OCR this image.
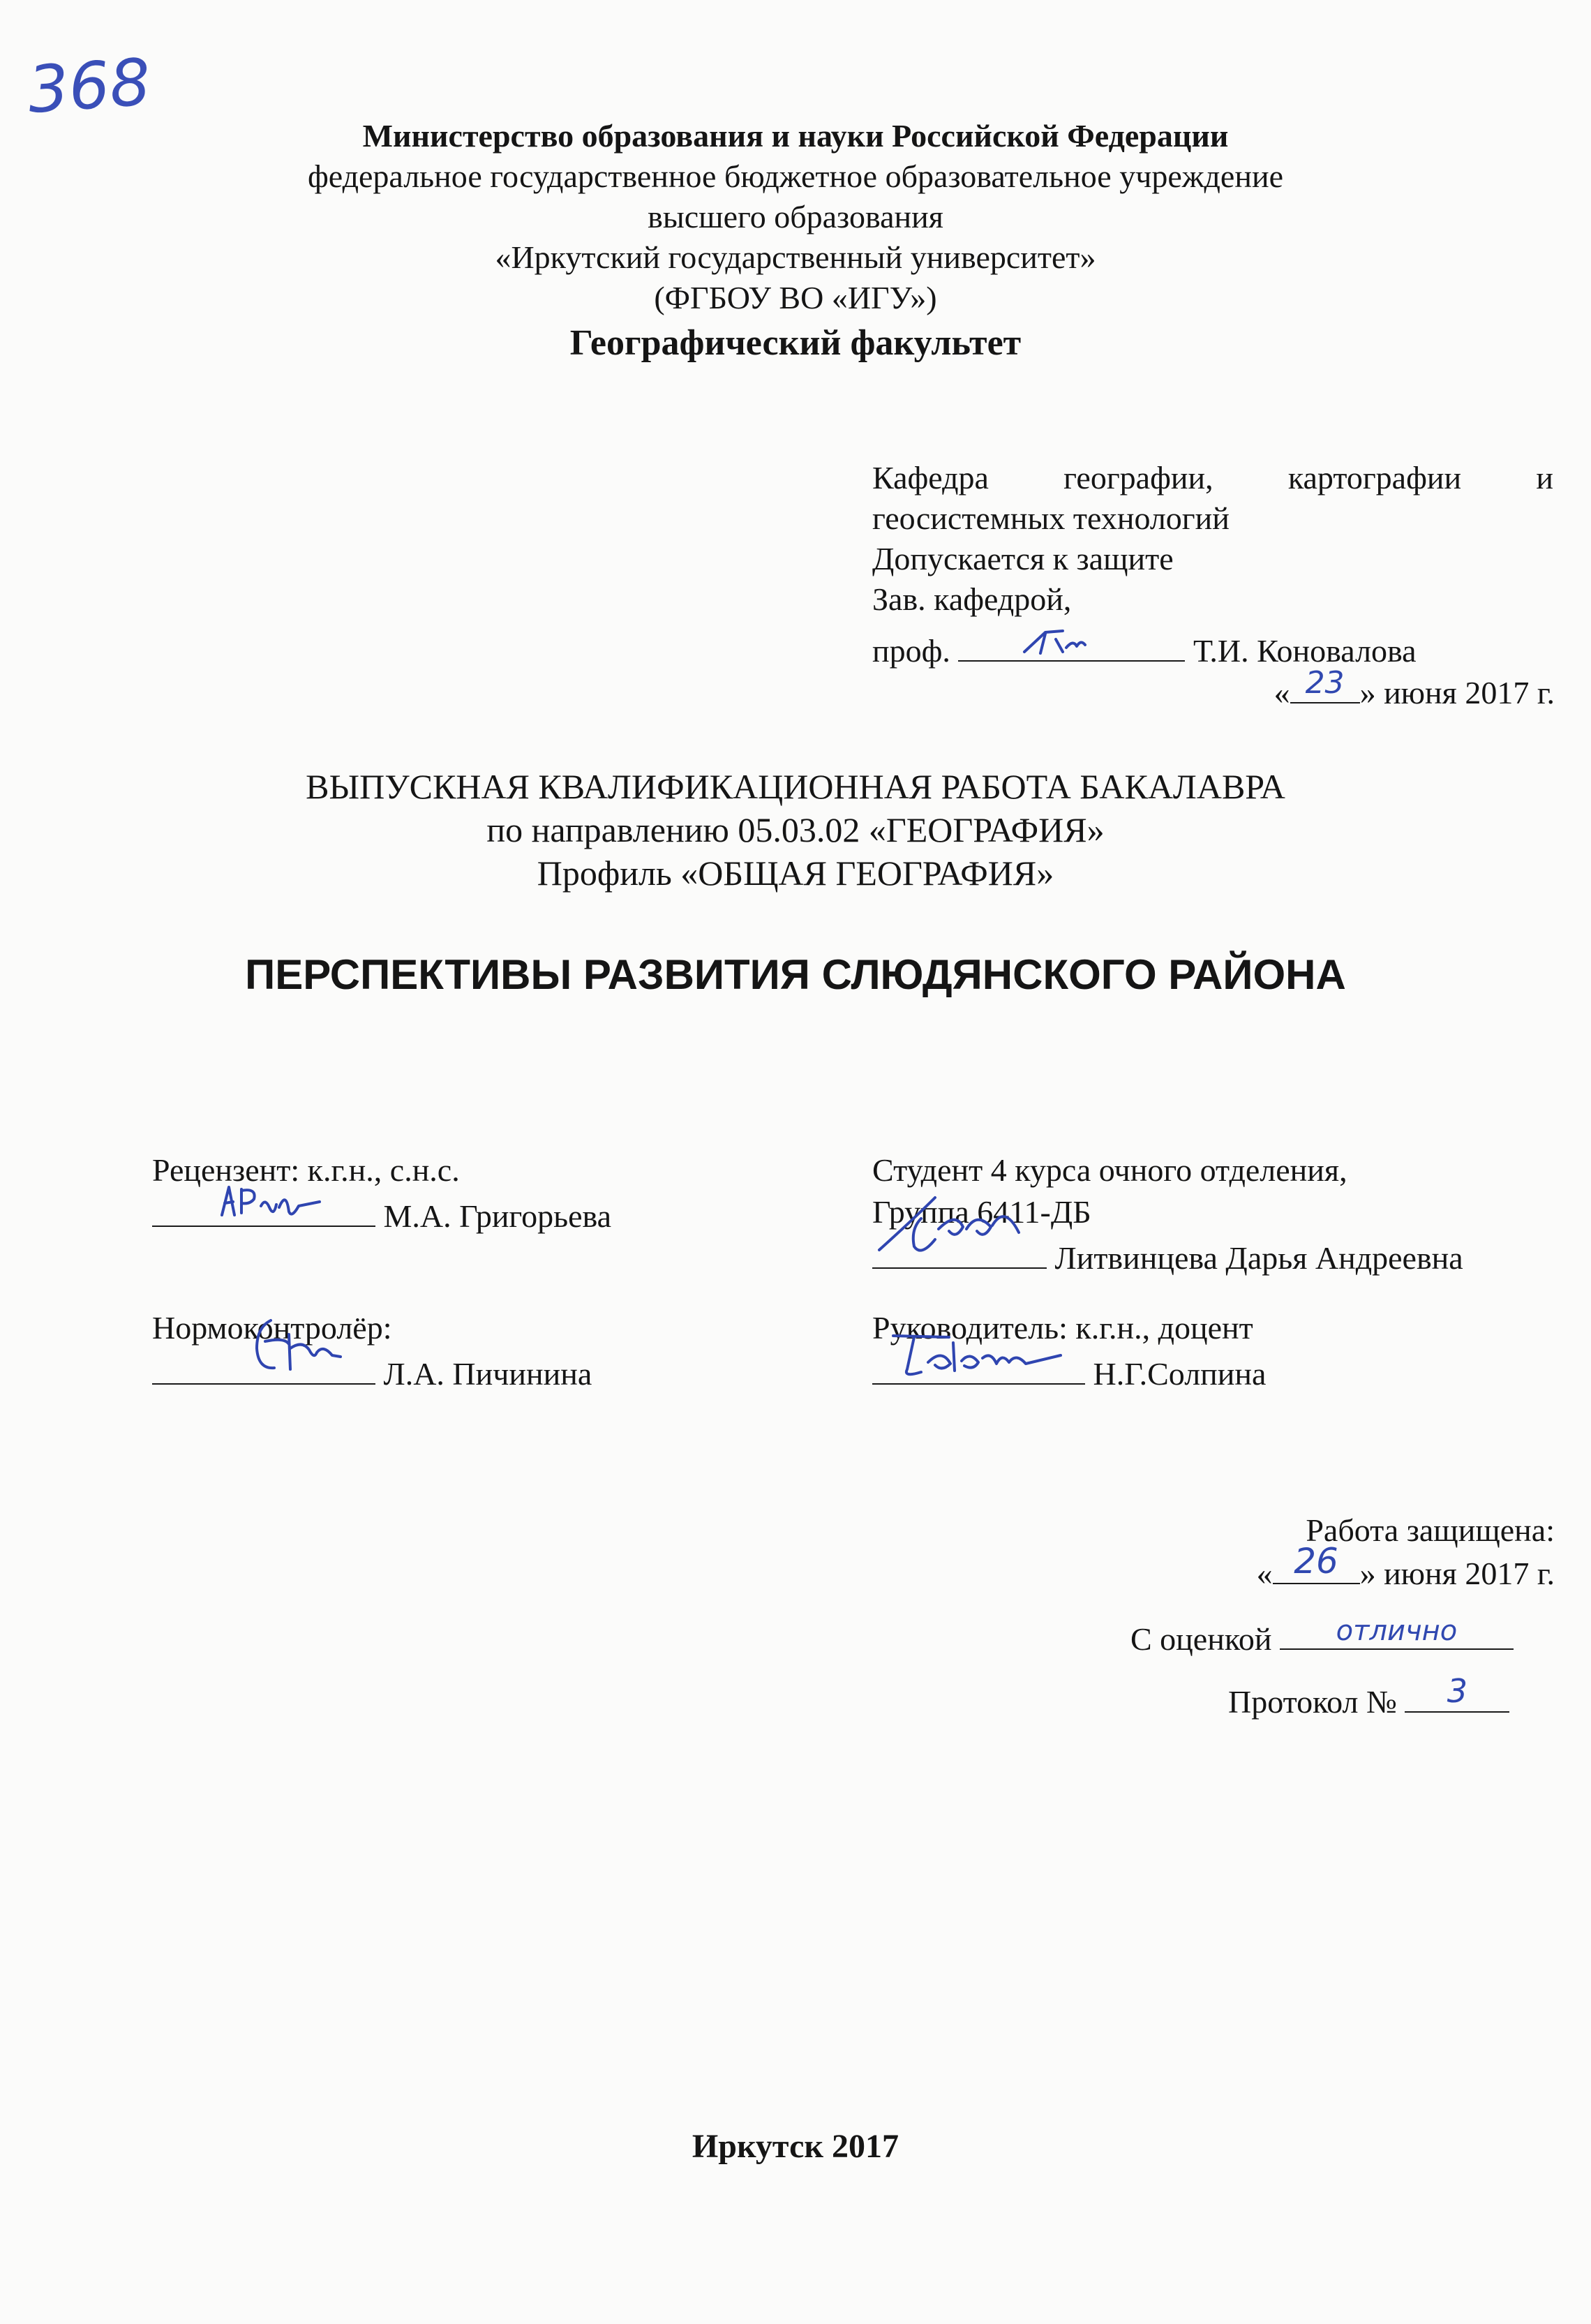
368
Министерство образования и науки Российской Федерации
федеральное государственное бюджетное образовательное учреждение
высшего образования
«Иркутский государственный университет»
(ФГБОУ ВО «ИГУ»)
Географический факультет
Кафедра географии, картографии и
геосистемных технологий
Допускается к защите
Зав. кафедрой,
проф.	Т.И. Коновалова
« 23 » июня 2017 г.
ВЫПУСКНАЯ КВАЛИФИКАЦИОННАЯ РАБОТА БАКАЛАВРА
по направлению 05.03.02 «ГЕОГРАФИЯ»
Профиль «ОБЩАЯ ГЕОГРАФИЯ»
ПЕРСПЕКТИВЫ РАЗВИТИЯ СЛЮДЯНСКОГО РАЙОНА
Рецензент: к.г.н., с.н.с.
М.А. Григорьева
Нормоконтролёр:
Л.А. Пичинина
Студент 4 курса очного отделения,
Группа 6411-ДБ
Литвинцева Дарья Андреевна
Руководитель: к.г.н., доцент
Н.Г.Солпина
Работа защищена:
« 26 » июня 2017 г.
С оценкой	отлично
Протокол №	3
Иркутск 2017
